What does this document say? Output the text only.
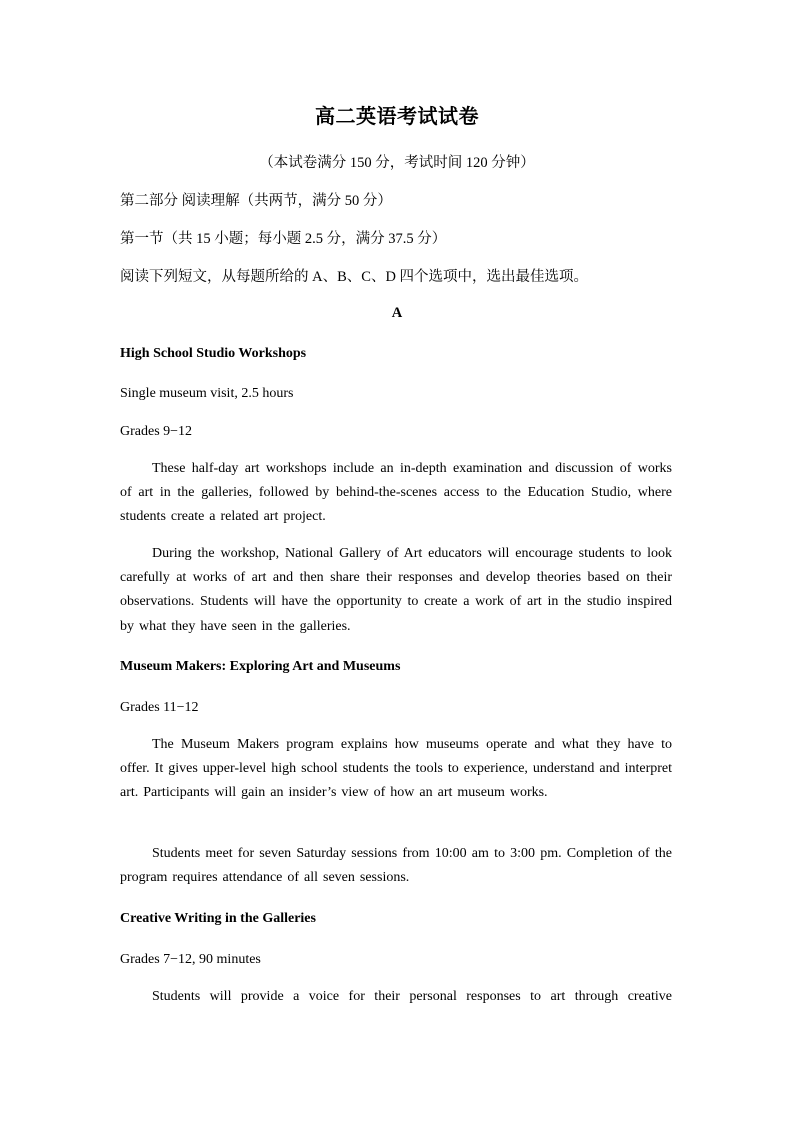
高二英语考试试卷
（本试卷满分 150 分，考试时间 120 分钟）
第二部分 阅读理解（共两节，满分 50 分）
第一节（共 15 小题；每小题 2.5 分，满分 37.5 分）
阅读下列短文，从每题所给的 A、B、C、D 四个选项中，选出最佳选项。
A
High School Studio Workshops
Single museum visit, 2.5 hours
Grades 9−12
These half-day art workshops include an in-depth examination and discussion of works of art in the galleries, followed by behind-the-scenes access to the Education Studio, where students create a related art project.
During the workshop, National Gallery of Art educators will encourage students to look carefully at works of art and then share their responses and develop theories based on their observations. Students will have the opportunity to create a work of art in the studio inspired by what they have seen in the galleries.
Museum Makers: Exploring Art and Museums
Grades 11−12
The Museum Makers program explains how museums operate and what they have to offer. It gives upper-level high school students the tools to experience, understand and interpret art. Participants will gain an insider’s view of how an art museum works.
Students meet for seven Saturday sessions from 10:00 am to 3:00 pm. Completion of the program requires attendance of all seven sessions.
Creative Writing in the Galleries
Grades 7−12, 90 minutes
Students will provide a voice for their personal responses to art through creative
